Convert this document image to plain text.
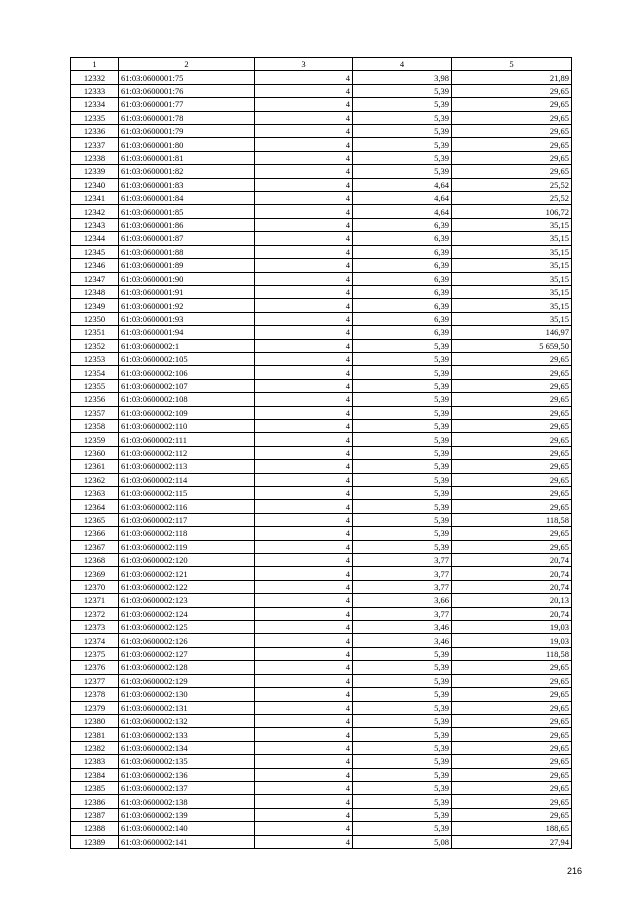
1	2	3	4	5
12332	61:03:0600001:75	4	3,98	21,89
12333	61:03:0600001:76	4	5,39	29,65
12334	61:03:0600001:77	4	5,39	29,65
12335	61:03:0600001:78	4	5,39	29,65
12336	61:03:0600001:79	4	5,39	29,65
12337	61:03:0600001:80	4	5,39	29,65
12338	61:03:0600001:81	4	5,39	29,65
12339	61:03:0600001:82	4	5,39	29,65
12340	61:03:0600001:83	4	4,64	25,52
12341	61:03:0600001:84	4	4,64	25,52
12342	61:03:0600001:85	4	4,64	106,72
12343	61:03:0600001:86	4	6,39	35,15
12344	61:03:0600001:87	4	6,39	35,15
12345	61:03:0600001:88	4	6,39	35,15
12346	61:03:0600001:89	4	6,39	35,15
12347	61:03:0600001:90	4	6,39	35,15
12348	61:03:0600001:91	4	6,39	35,15
12349	61:03:0600001:92	4	6,39	35,15
12350	61:03:0600001:93	4	6,39	35,15
12351	61:03:0600001:94	4	6,39	146,97
12352	61:03:0600002:1	4	5,39	5 659,50
12353	61:03:0600002:105	4	5,39	29,65
12354	61:03:0600002:106	4	5,39	29,65
12355	61:03:0600002:107	4	5,39	29,65
12356	61:03:0600002:108	4	5,39	29,65
12357	61:03:0600002:109	4	5,39	29,65
12358	61:03:0600002:110	4	5,39	29,65
12359	61:03:0600002:111	4	5,39	29,65
12360	61:03:0600002:112	4	5,39	29,65
12361	61:03:0600002:113	4	5,39	29,65
12362	61:03:0600002:114	4	5,39	29,65
12363	61:03:0600002:115	4	5,39	29,65
12364	61:03:0600002:116	4	5,39	29,65
12365	61:03:0600002:117	4	5,39	118,58
12366	61:03:0600002:118	4	5,39	29,65
12367	61:03:0600002:119	4	5,39	29,65
12368	61:03:0600002:120	4	3,77	20,74
12369	61:03:0600002:121	4	3,77	20,74
12370	61:03:0600002:122	4	3,77	20,74
12371	61:03:0600002:123	4	3,66	20,13
12372	61:03:0600002:124	4	3,77	20,74
12373	61:03:0600002:125	4	3,46	19,03
12374	61:03:0600002:126	4	3,46	19,03
12375	61:03:0600002:127	4	5,39	118,58
12376	61:03:0600002:128	4	5,39	29,65
12377	61:03:0600002:129	4	5,39	29,65
12378	61:03:0600002:130	4	5,39	29,65
12379	61:03:0600002:131	4	5,39	29,65
12380	61:03:0600002:132	4	5,39	29,65
12381	61:03:0600002:133	4	5,39	29,65
12382	61:03:0600002:134	4	5,39	29,65
12383	61:03:0600002:135	4	5,39	29,65
12384	61:03:0600002:136	4	5,39	29,65
12385	61:03:0600002:137	4	5,39	29,65
12386	61:03:0600002:138	4	5,39	29,65
12387	61:03:0600002:139	4	5,39	29,65
12388	61:03:0600002:140	4	5,39	188,65
12389	61:03:0600002:141	4	5,08	27,94
216
